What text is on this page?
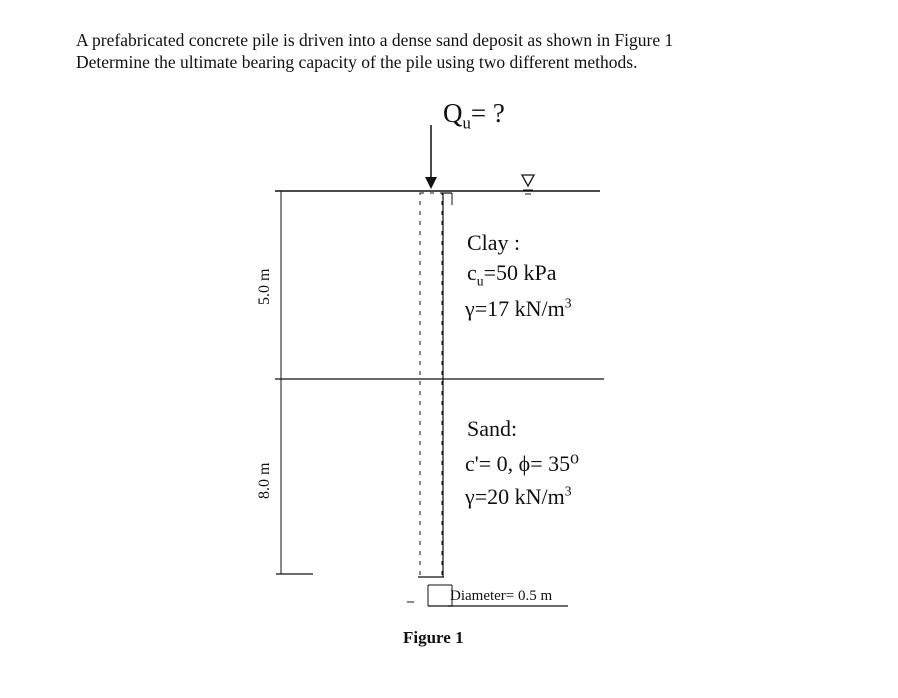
A prefabricated concrete pile is driven into a dense sand deposit as shown in Figure 1
Determine the ultimate bearing capacity of the pile using two different methods.
$Q_u=$ ?
Clay :
$c_u=50$ kPa
γ=17 $kN/m^3$
Sand:
c'= 0, ϕ= 35⁰
γ=20 $kN/m^3$
5.0 m
8.0 m
Diameter= 0.5 m
Figure 1
